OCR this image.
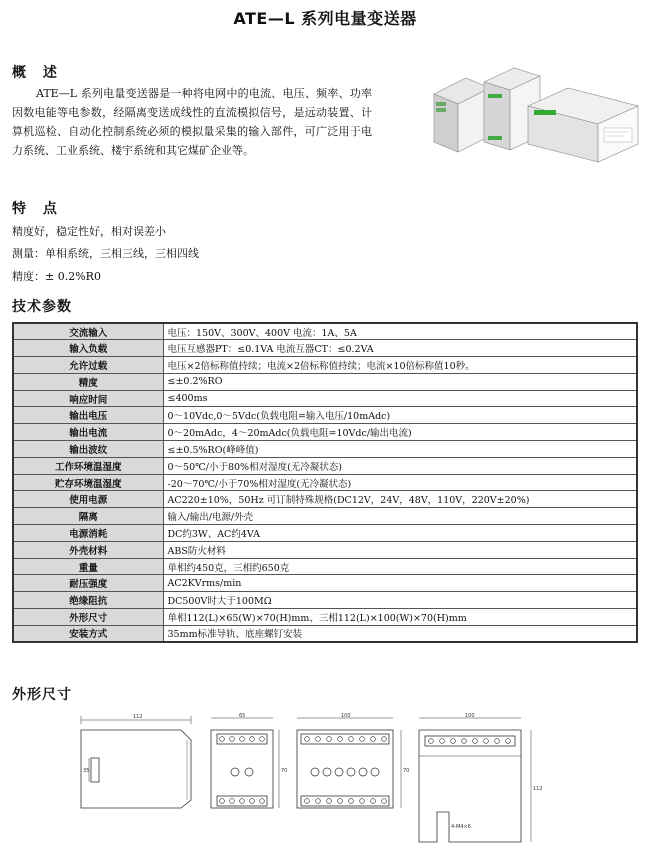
ATE—L 系列电量变送器
概 述
ATE—L 系列电量变送器是一种将电网中的电流、电压、频率、功率因数电能等电参数，经隔离变送成线性的直流模拟信号，是远动装置、计算机巡检、自动化控制系统必须的模拟量采集的输入部件，可广泛用于电力系统、工业系统、楼宇系统和其它煤矿企业等。
特 点
精度好，稳定性好，相对误差小
测量：单相系统，三相三线，三相四线
精度：± 0.2%R0
技术参数
交流输入	电压：150V、300V、400V 电流：1A、5A
输入负载	电压互感器PT：≤0.1VA 电流互器CT：≤0.2VA
允许过载	电压×2倍标称值持续；电流×2倍标称值持续；电流×10倍标称值10秒。
精度	≤±0.2%RO
响应时间	≤400ms
输出电压	0～10Vdc,0～5Vdc(负载电阻=输入电压/10mAdc)
输出电流	0～20mAdc，4～20mAdc(负载电阻=10Vdc/输出电流)
输出波纹	≤±0.5%RO(峰峰值)
工作环境温湿度	0～50℃/小于80%相对湿度(无冷凝状态)
贮存环境温湿度	-20～70℃/小于70%相对湿度(无冷凝状态)
使用电源	AC220±10%，50Hz 可订制特殊规格(DC12V，24V，48V，110V，220V±20%)
隔离	输入/输出/电源/外壳
电源消耗	DC约3W、AC约4VA
外壳材料	ABS防火材料
重量	单相约450克，三相约650克
耐压强度	AC2KVrms/min
绝缘阻抗	DC500V时大于100MΩ
外形尺寸	单相112(L)×65(W)×70(H)mm、三相112(L)×100(W)×70(H)mm
安装方式	35mm标准导轨、底座螺钉安装
外形尺寸
112
35
65
70
100
70
100
112
4-M4×6
